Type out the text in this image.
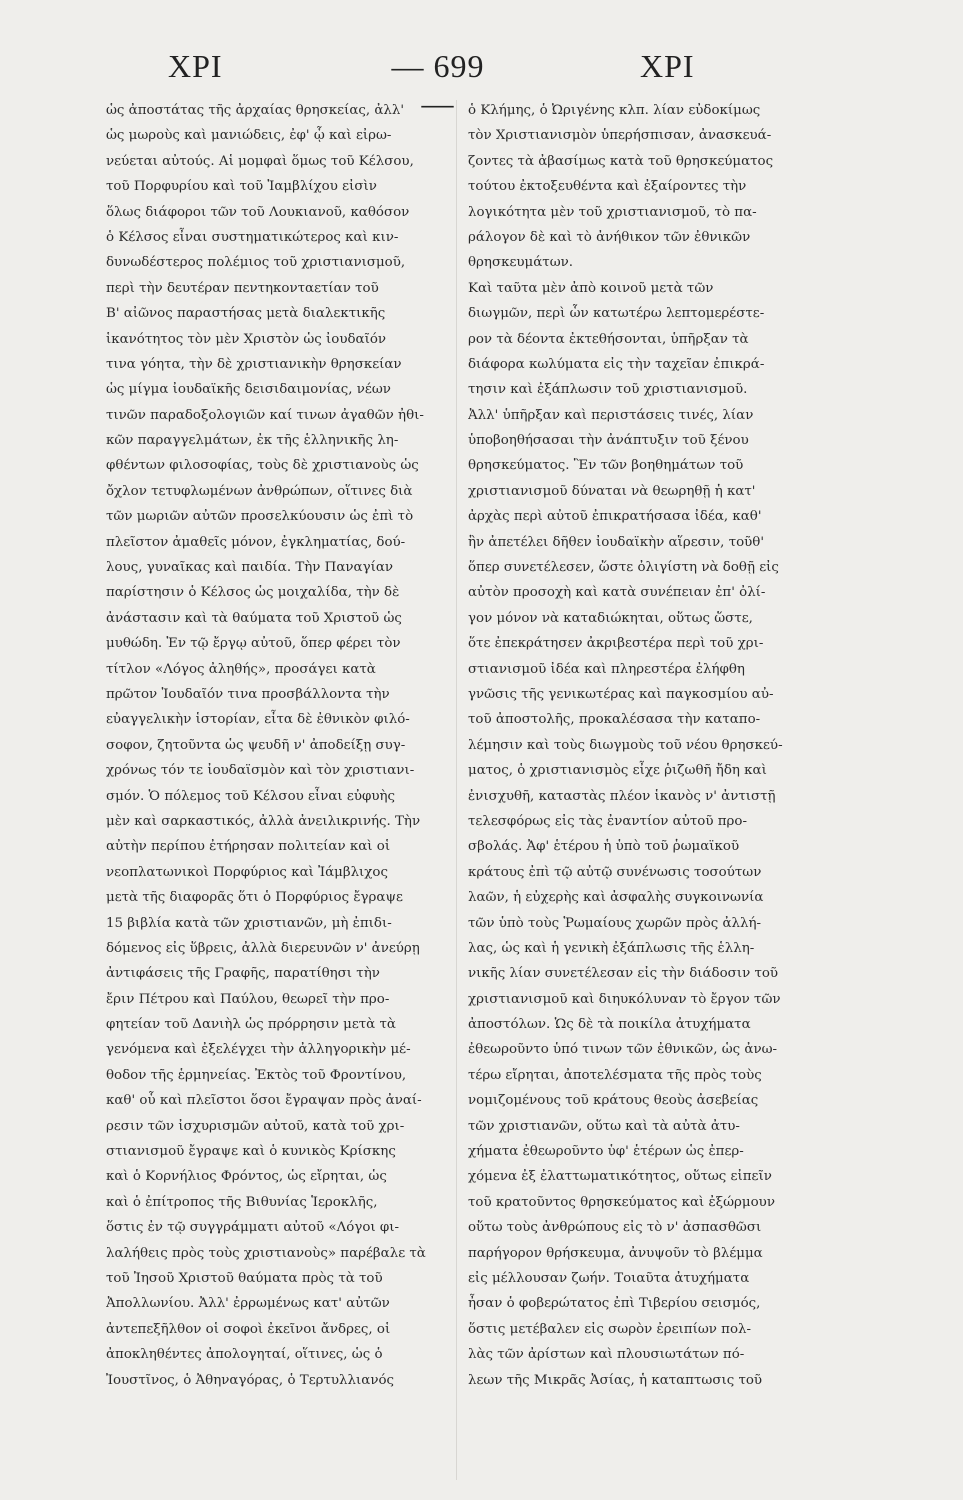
XPI	— 699 —
XPI
ὡς ἀποστάτας τῆς ἀρχαίας θρησκείας, ἀλλ'
ὡς μωροὺς καὶ μανιώδεις, ἐφ' ᾧ καὶ εἰρω-
νεύεται αὐτούς. Αἱ μομφαὶ ὅμως τοῦ Κέλσου,
τοῦ Πορφυρίου καὶ τοῦ Ἰαμβλίχου εἰσὶν
ὅλως διάφοροι τῶν τοῦ Λουκιανοῦ, καθόσον
ὁ Κέλσος εἶναι συστηματικώτερος καὶ κιν-
δυνωδέστερος πολέμιος τοῦ χριστιανισμοῦ,
περὶ τὴν δευτέραν πεντηκονταετίαν τοῦ
Β' αἰῶνος παραστήσας μετὰ διαλεκτικῆς
ἱκανότητος τὸν μὲν Χριστὸν ὡς ἰουδαῖόν
τινα γόητα, τὴν δὲ χριστιανικὴν θρησκείαν
ὡς μίγμα ἰουδαϊκῆς δεισιδαιμονίας, νέων
τινῶν παραδοξολογιῶν καί τινων ἀγαθῶν ἠθι-
κῶν παραγγελμάτων, ἐκ τῆς ἑλληνικῆς λη-
φθέντων φιλοσοφίας, τοὺς δὲ χριστιανοὺς ὡς
ὄχλον τετυφλωμένων ἀνθρώπων, οἵτινες διὰ
τῶν μωριῶν αὐτῶν προσελκύουσιν ὡς ἐπὶ τὸ
πλεῖστον ἀμαθεῖς μόνον, ἐγκληματίας, δού-
λους, γυναῖκας καὶ παιδία. Τὴν Παναγίαν
παρίστησιν ὁ Κέλσος ὡς μοιχαλίδα, τὴν δὲ
ἀνάστασιν καὶ τὰ θαύματα τοῦ Χριστοῦ ὡς
μυθώδη. Ἐν τῷ ἔργῳ αὐτοῦ, ὅπερ φέρει τὸν
τίτλον «Λόγος ἀληθής», προσάγει κατὰ
πρῶτον Ἰουδαῖόν τινα προσβάλλοντα τὴν
εὐαγγελικὴν ἱστορίαν, εἶτα δὲ ἐθνικὸν φιλό-
σοφον, ζητοῦντα ὡς ψευδῆ ν' ἀποδείξῃ συγ-
χρόνως τόν τε ἰουδαϊσμὸν καὶ τὸν χριστιανι-
σμόν. Ὁ πόλεμος τοῦ Κέλσου εἶναι εὐφυὴς
μὲν καὶ σαρκαστικός, ἀλλὰ ἀνειλικρινής. Τὴν
αὐτὴν περίπου ἐτήρησαν πολιτείαν καὶ οἱ
νεοπλατωνικοὶ Πορφύριος καὶ Ἰάμβλιχος
μετὰ τῆς διαφορᾶς ὅτι ὁ Πορφύριος ἔγραψε
15 βιβλία κατὰ τῶν χριστιανῶν, μὴ ἐπιδι-
δόμενος εἰς ὕβρεις, ἀλλὰ διερευνῶν ν' ἀνεύρῃ
ἀντιφάσεις τῆς Γραφῆς, παρατίθησι τὴν
ἔριν Πέτρου καὶ Παύλου, θεωρεῖ τὴν προ-
φητείαν τοῦ Δανιὴλ ὡς πρόρρησιν μετὰ τὰ
γενόμενα καὶ ἐξελέγχει τὴν ἀλληγορικὴν μέ-
θοδον τῆς ἑρμηνείας. Ἐκτὸς τοῦ Φροντίνου,
καθ' οὗ καὶ πλεῖστοι ὅσοι ἔγραψαν πρὸς ἀναί-
ρεσιν τῶν ἰσχυρισμῶν αὐτοῦ, κατὰ τοῦ χρι-
στιανισμοῦ ἔγραψε καὶ ὁ κυνικὸς Κρίσκης
καὶ ὁ Κορνήλιος Φρόντος, ὡς εἴρηται, ὡς
καὶ ὁ ἐπίτροπος τῆς Βιθυνίας Ἱεροκλῆς,
ὅστις ἐν τῷ συγγράμματι αὐτοῦ «Λόγοι φι-
λαλήθεις πρὸς τοὺς χριστιανοὺς» παρέβαλε τὰ
τοῦ Ἰησοῦ Χριστοῦ θαύματα πρὸς τὰ τοῦ
Ἀπολλωνίου. Ἀλλ' ἐρρωμένως κατ' αὐτῶν
ἀντεπεξῆλθον οἱ σοφοὶ ἐκεῖνοι ἄνδρες, οἱ
ἀποκληθέντες ἀπολογηταί, οἵτινες, ὡς ὁ
Ἰουστῖνος, ὁ Ἀθηναγόρας, ὁ Τερτυλλιανός
ὁ Κλήμης, ὁ Ὠριγένης κλπ. λίαν εὐδοκίμως
τὸν Χριστιανισμὸν ὑπερήσπισαν, ἀνασκευά-
ζοντες τὰ ἀβασίμως κατὰ τοῦ θρησκεύματος
τούτου ἐκτοξευθέντα καὶ ἐξαίροντες τὴν
λογικότητα μὲν τοῦ χριστιανισμοῦ, τὸ πα-
ράλογον δὲ καὶ τὸ ἀνήθικον τῶν ἐθνικῶν
θρησκευμάτων.
Καὶ ταῦτα μὲν ἀπὸ κοινοῦ μετὰ τῶν
διωγμῶν, περὶ ὧν κατωτέρω λεπτομερέστε-
ρον τὰ δέοντα ἐκτεθήσονται, ὑπῆρξαν τὰ
διάφορα κωλύματα εἰς τὴν ταχεῖαν ἐπικρά-
τησιν καὶ ἐξάπλωσιν τοῦ χριστιανισμοῦ.
Ἀλλ' ὑπῆρξαν καὶ περιστάσεις τινές, λίαν
ὑποβοηθήσασαι τὴν ἀνάπτυξιν τοῦ ξένου
θρησκεύματος. Ἓν τῶν βοηθημάτων τοῦ
χριστιανισμοῦ δύναται νὰ θεωρηθῇ ἡ κατ'
ἀρχὰς περὶ αὐτοῦ ἐπικρατήσασα ἰδέα, καθ'
ἣν ἀπετέλει δῆθεν ἰουδαϊκὴν αἵρεσιν, τοῦθ'
ὅπερ συνετέλεσεν, ὥστε ὀλιγίστη νὰ δοθῇ εἰς
αὐτὸν προσοχὴ καὶ κατὰ συνέπειαν ἐπ' ὀλί-
γον μόνον νὰ καταδιώκηται, οὕτως ὥστε,
ὅτε ἐπεκράτησεν ἀκριβεστέρα περὶ τοῦ χρι-
στιανισμοῦ ἰδέα καὶ πληρεστέρα ἐλήφθη
γνῶσις τῆς γενικωτέρας καὶ παγκοσμίου αὐ-
τοῦ ἀποστολῆς, προκαλέσασα τὴν καταπο-
λέμησιν καὶ τοὺς διωγμοὺς τοῦ νέου θρησκεύ-
ματος, ὁ χριστιανισμὸς εἶχε ῥιζωθῆ ἤδη καὶ
ἐνισχυθῆ, καταστὰς πλέον ἱκανὸς ν' ἀντιστῇ
τελεσφόρως εἰς τὰς ἐναντίον αὐτοῦ προ-
σβολάς. Ἀφ' ἑτέρου ἡ ὑπὸ τοῦ ῥωμαϊκοῦ
κράτους ἐπὶ τῷ αὐτῷ συνένωσις τοσούτων
λαῶν, ἡ εὐχερὴς καὶ ἀσφαλὴς συγκοινωνία
τῶν ὑπὸ τοὺς Ῥωμαίους χωρῶν πρὸς ἀλλή-
λας, ὡς καὶ ἡ γενικὴ ἐξάπλωσις τῆς ἑλλη-
νικῆς λίαν συνετέλεσαν εἰς τὴν διάδοσιν τοῦ
χριστιανισμοῦ καὶ διηυκόλυναν τὸ ἔργον τῶν
ἀποστόλων. Ὡς δὲ τὰ ποικίλα ἀτυχήματα
ἐθεωροῦντο ὑπό τινων τῶν ἐθνικῶν, ὡς ἀνω-
τέρω εἴρηται, ἀποτελέσματα τῆς πρὸς τοὺς
νομιζομένους τοῦ κράτους θεοὺς ἀσεβείας
τῶν χριστιανῶν, οὕτω καὶ τὰ αὐτὰ ἀτυ-
χήματα ἐθεωροῦντο ὑφ' ἑτέρων ὡς ἐπερ-
χόμενα ἐξ ἐλαττωματικότητος, οὕτως εἰπεῖν
τοῦ κρατοῦντος θρησκεύματος καὶ ἐξώρμουν
οὕτω τοὺς ἀνθρώπους εἰς τὸ ν' ἀσπασθῶσι
παρήγορον θρήσκευμα, ἀνυψοῦν τὸ βλέμμα
εἰς μέλλουσαν ζωήν. Τοιαῦτα ἀτυχήματα
ἦσαν ὁ φοβερώτατος ἐπὶ Τιβερίου σεισμός,
ὅστις μετέβαλεν εἰς σωρὸν ἐρειπίων πολ-
λὰς τῶν ἀρίστων καὶ πλουσιωτάτων πό-
λεων τῆς Μικρᾶς Ἀσίας, ἡ καταπτωσις τοῦ
